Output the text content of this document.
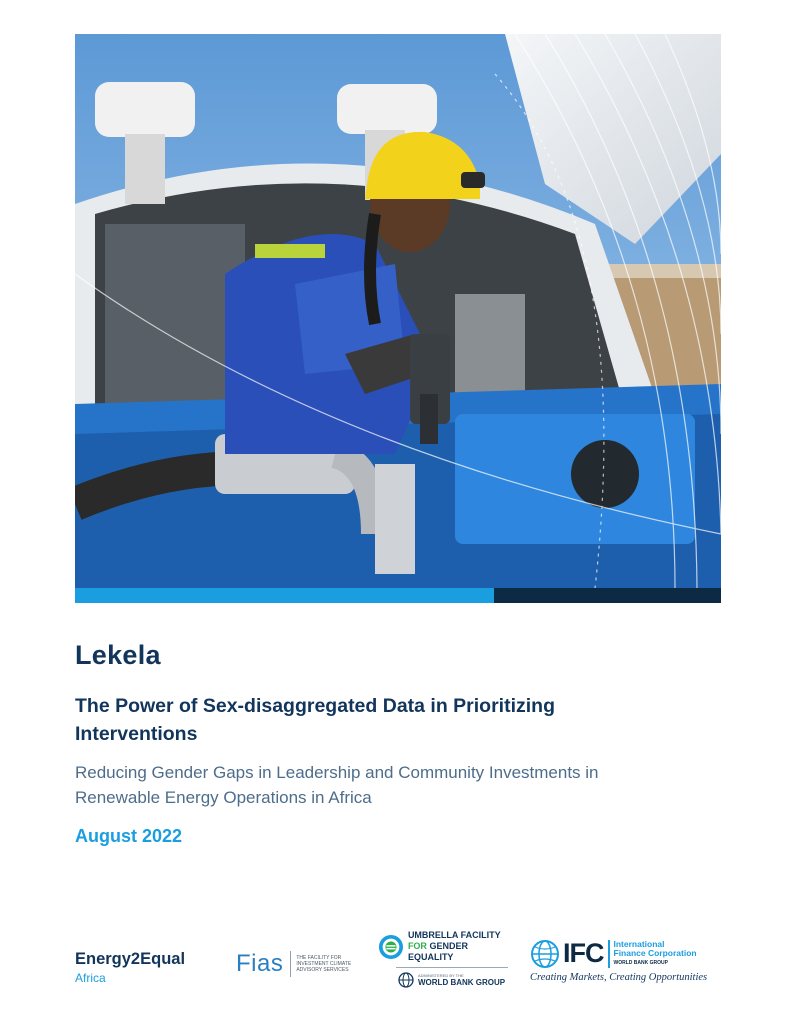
Lekela
The Power of Sex-disaggregated Data in Prioritizing Interventions

Reducing Gender Gaps in Leadership and Community Investments in Renewable Energy Operations in Africa

August 2022

Energy2Equal
Africa
Fias	THE FACILITY FOR INVESTMENT CLIMATE ADVISORY SERVICES
UMBRELLA FACILITY
FOR GENDER EQUALITY
ADMINISTERED BY THE
WORLD BANK GROUP
IFC International
Finance Corporation
WORLD BANK GROUP
Creating Markets, Creating Opportunities
